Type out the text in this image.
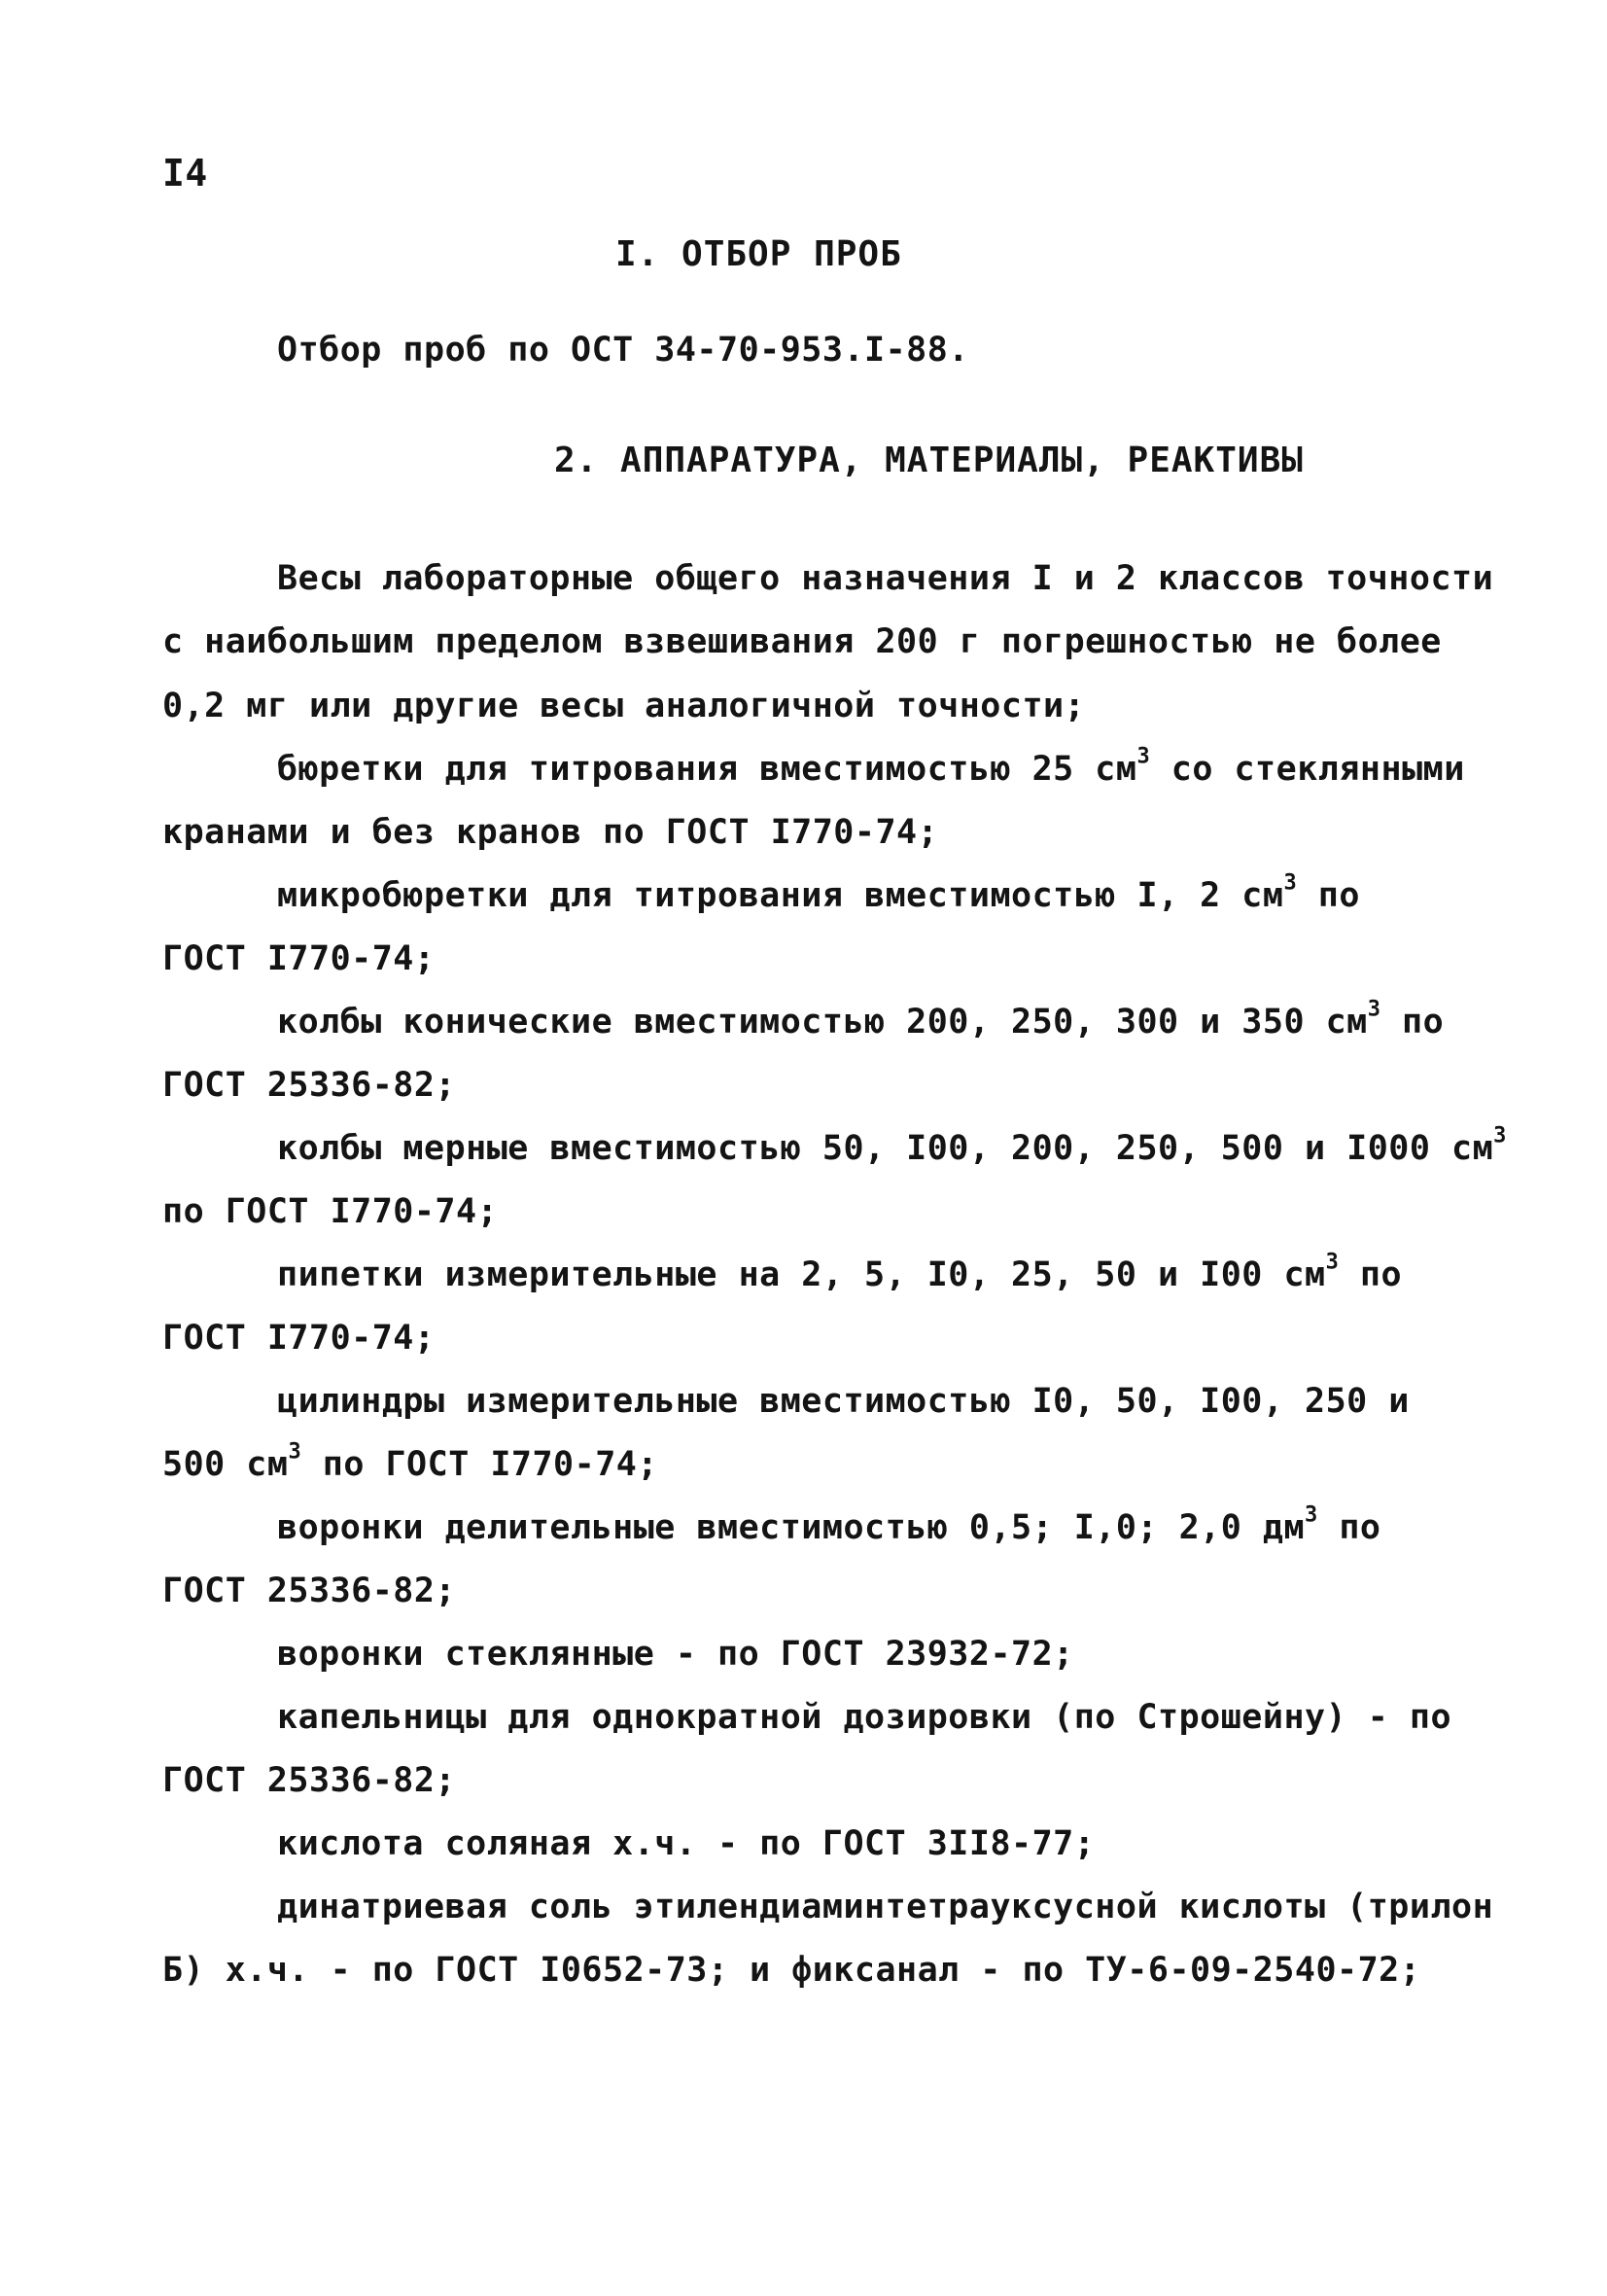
I4
I. ОТБОР ПРОБ
Отбор проб по ОСТ 34-70-953.I-88.
2. АППАРАТУРА, МАТЕРИАЛЫ, РЕАКТИВЫ
Весы лабораторные общего назначения I и 2 классов точности
с наибольшим пределом взвешивания 200 г погрешностью не более
0,2 мг или другие весы аналогичной точности;
бюретки для титрования вместимостью 25 $см^3$ со стеклянными
кранами и без кранов по ГОСТ I770-74;
микробюретки для титрования вместимостью I, 2 $см^3$ по
ГОСТ I770-74;
колбы конические вместимостью 200, 250, 300 и 350 $см^3$ по
ГОСТ 25336-82;
колбы мерные вместимостью 50, I00, 200, 250, 500 и I000 $см^3$
по ГОСТ I770-74;
пипетки измерительные на 2, 5, I0, 25, 50 и I00 $см^3$ по
ГОСТ I770-74;
цилиндры измерительные вместимостью I0, 50, I00, 250 и
500 $см^3$ по ГОСТ I770-74;
воронки делительные вместимостью 0,5; I,0; 2,0 $дм^3$ по
ГОСТ 25336-82;
воронки стеклянные - по ГОСТ 23932-72;
капельницы для однократной дозировки (по Строшейну) - по
ГОСТ 25336-82;
кислота соляная х.ч. - по ГОСТ 3II8-77;
динатриевая соль этилендиаминтетрауксусной кислоты (трилон
Б) х.ч. - по ГОСТ I0652-73; и фиксанал - по ТУ-6-09-2540-72;
